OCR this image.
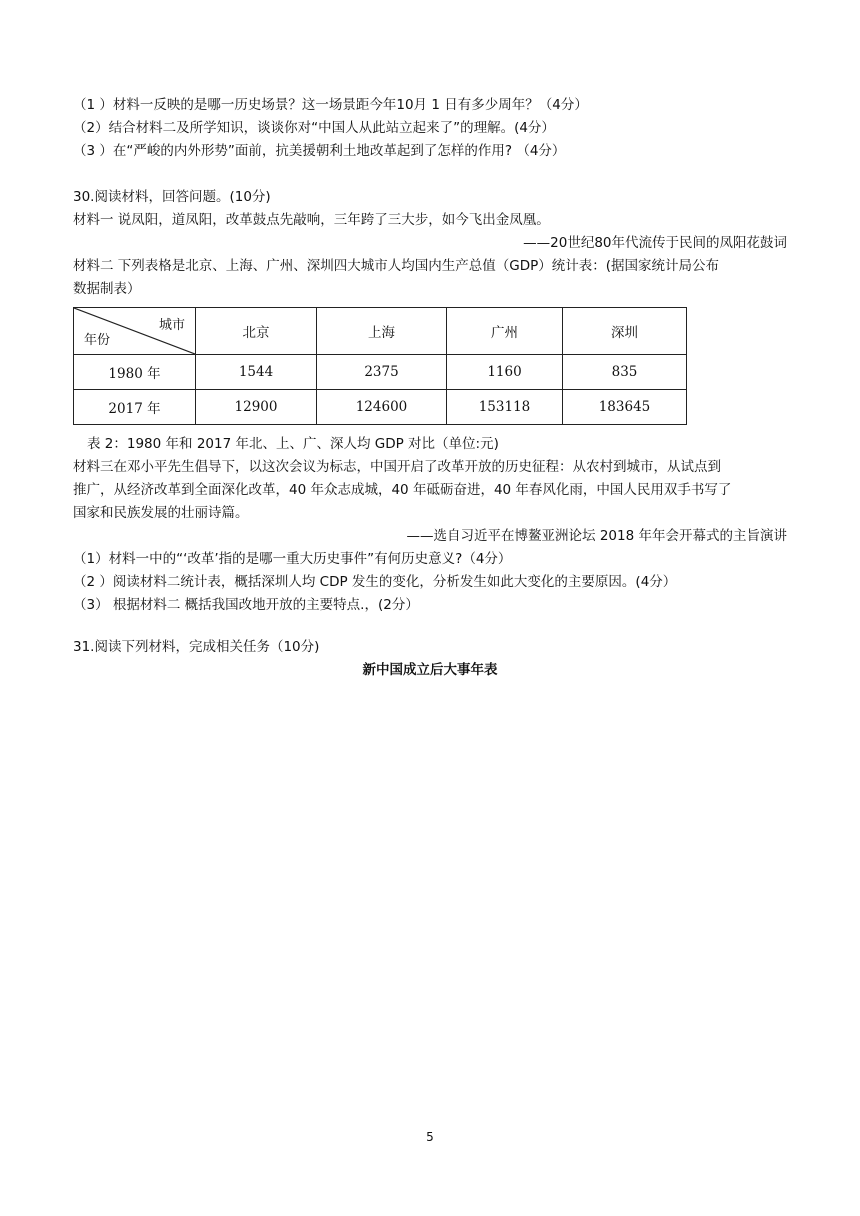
（1 ）材料一反映的是哪一历史场景？这一场景距今年10月 1 日有多少周年？（4分）
（2）结合材料二及所学知识，谈谈你对“中国人从此站立起来了”的理解。(4分）
（3 ）在“严峻的内外形势”面前，抗美援朝利土地改革起到了怎样的作用? （4分）
30.阅读材料，回答问题。(10分)
材料一 说凤阳，道凤阳，改革鼓点先敲响，三年跨了三大步，如今飞出金凤凰。
——20世纪80年代流传于民间的凤阳花鼓词
材料二 下列表格是北京、上海、广州、深圳四大城市人均国内生产总值（GDP）统计表：(据国家统计局公布
数据制表）
城市
年份	北京	上海	广州	深圳
1980 年	1544	2375	1160	835
2017 年	12900	124600	153118	183645
表 2：1980 年和 2017 年北、上、广、深人均 GDP 对比（单位:元)
材料三在邓小平先生倡导下，以这次会议为标志，中国开启了改革开放的历史征程：从农村到城市，从试点到
推广，从经济改革到全面深化改革，40 年众志成城，40 年砥砺奋进，40 年春风化雨，中国人民用双手书写了
国家和民族发展的壮丽诗篇。
——选自习近平在博鳌亚洲论坛 2018 年年会开幕式的主旨演讲
（1）材料一中的“‘改革’指的是哪一重大历史事件”有何历史意义?（4分）
（2 ）阅读材料二统计表，概括深圳人均 CDP 发生的变化，分析发生如此大变化的主要原因。(4分）
（3） 根据材料二 概括我国改地开放的主要特点.，(2分）
31.阅读下列材料，完成相关任务（10分)
新中国成立后大事年表
5
